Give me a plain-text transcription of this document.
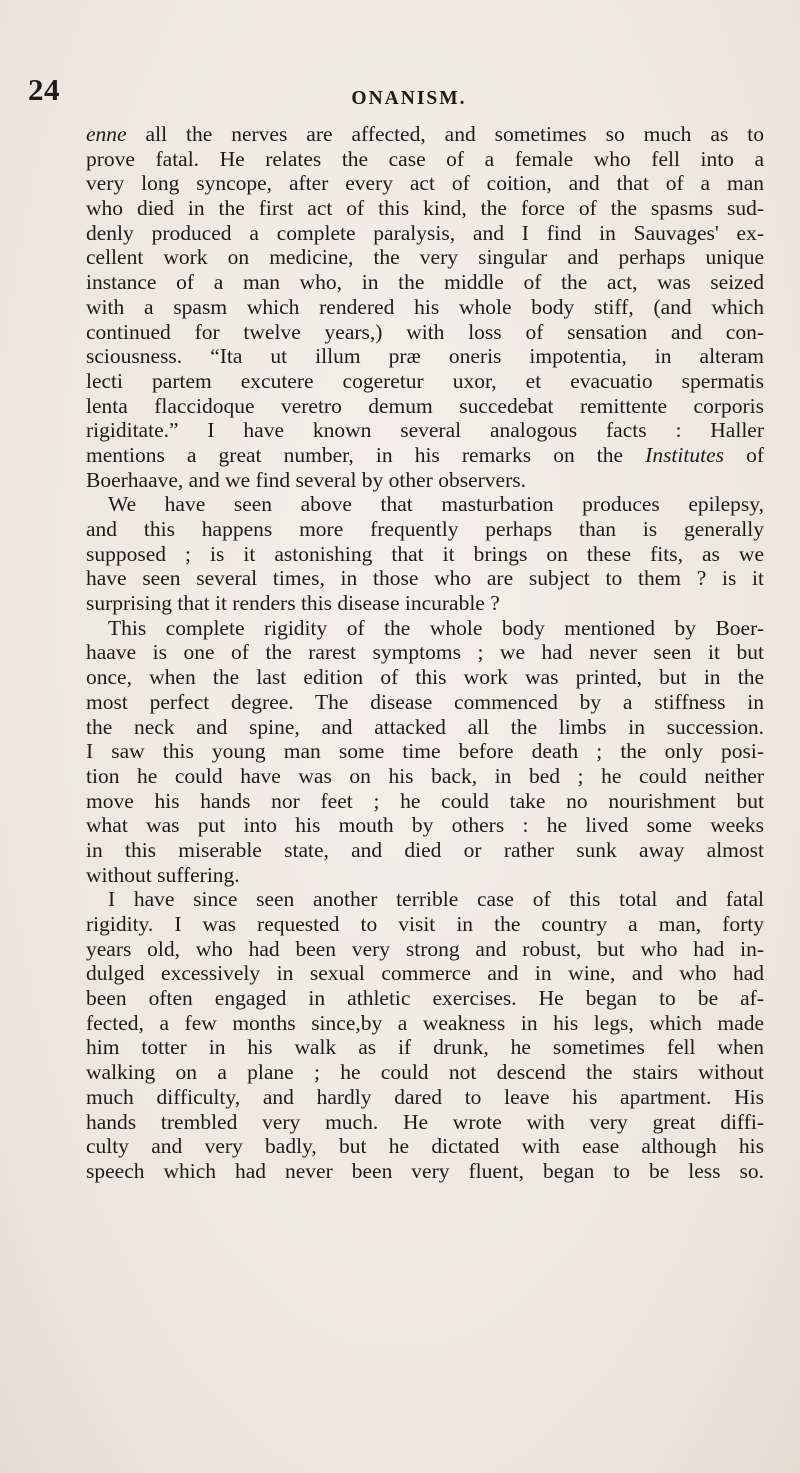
24	ONANISM.
enne all the nerves are affected, and sometimes so much as to
prove fatal. He relates the case of a female who fell into a
very long syncope, after every act of coition, and that of a man
who died in the first act of this kind, the force of the spasms sud-
denly produced a complete paralysis, and I find in Sauvages' ex-
cellent work on medicine, the very singular and perhaps unique
instance of a man who, in the middle of the act, was seized
with a spasm which rendered his whole body stiff, (and which
continued for twelve years,) with loss of sensation and con-
sciousness. “Ita ut illum præ oneris impotentia, in alteram
lecti partem excutere cogeretur uxor, et evacuatio spermatis
lenta flaccidoque veretro demum succedebat remittente corporis
rigiditate.” I have known several analogous facts : Haller
mentions a great number, in his remarks on the Institutes of
Boerhaave, and we find several by other observers.
We have seen above that masturbation produces epilepsy,
and this happens more frequently perhaps than is generally
supposed ; is it astonishing that it brings on these fits, as we
have seen several times, in those who are subject to them ? is it
surprising that it renders this disease incurable ?
This complete rigidity of the whole body mentioned by Boer-
haave is one of the rarest symptoms ; we had never seen it but
once, when the last edition of this work was printed, but in the
most perfect degree. The disease commenced by a stiffness in
the neck and spine, and attacked all the limbs in succession.
I saw this young man some time before death ; the only posi-
tion he could have was on his back, in bed ; he could neither
move his hands nor feet ; he could take no nourishment but
what was put into his mouth by others : he lived some weeks
in this miserable state, and died or rather sunk away almost
without suffering.
I have since seen another terrible case of this total and fatal
rigidity. I was requested to visit in the country a man, forty
years old, who had been very strong and robust, but who had in-
dulged excessively in sexual commerce and in wine, and who had
been often engaged in athletic exercises. He began to be af-
fected, a few months since,by a weakness in his legs, which made
him totter in his walk as if drunk, he sometimes fell when
walking on a plane ; he could not descend the stairs without
much difficulty, and hardly dared to leave his apartment. His
hands trembled very much. He wrote with very great diffi-
culty and very badly, but he dictated with ease although his
speech which had never been very fluent, began to be less so.
